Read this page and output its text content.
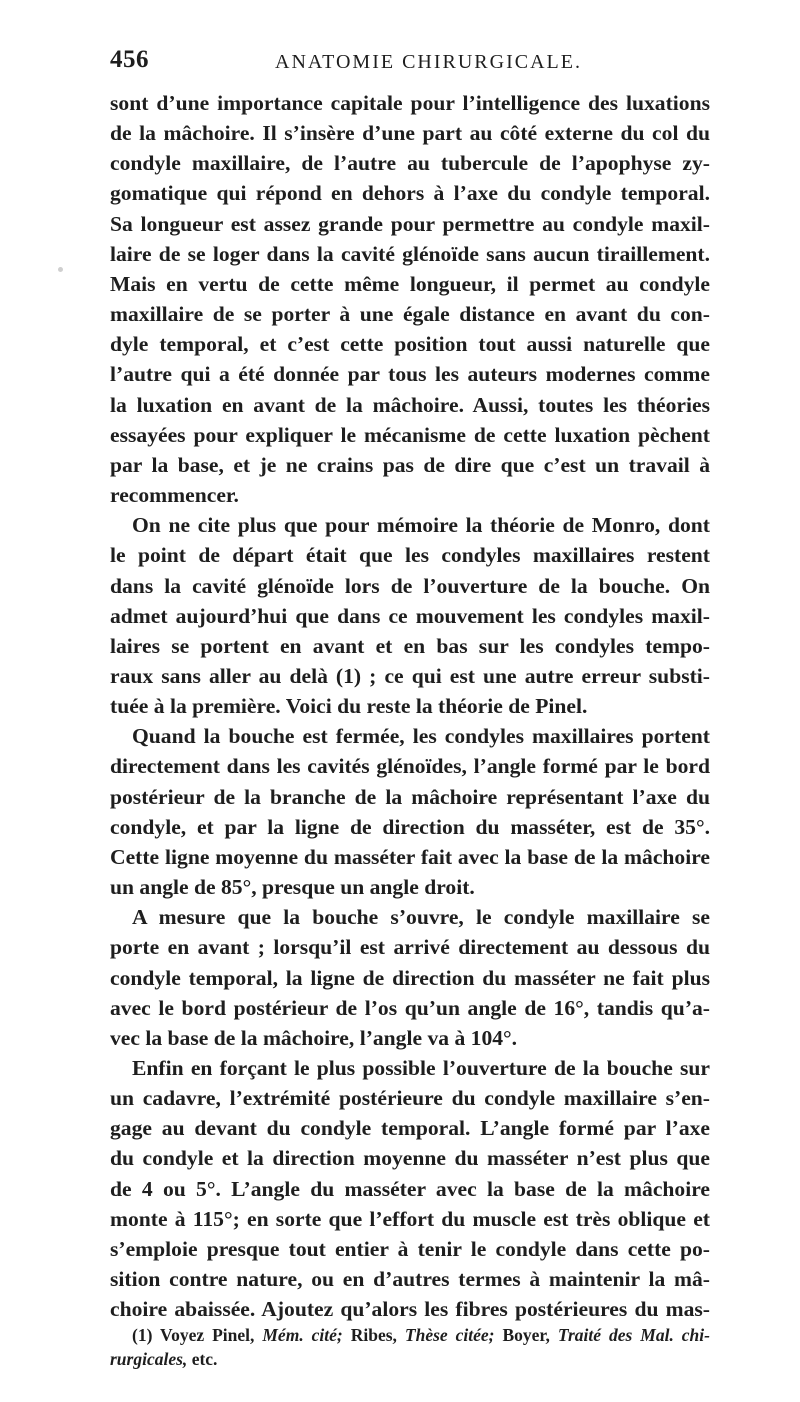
456	ANATOMIE CHIRURGICALE.

sont d’une importance capitale pour l’intelligence des luxations

de la mâchoire. Il s’insère d’une part au côté externe du col du

condyle maxillaire, de l’autre au tubercule de l’apophyse zy-

gomatique qui répond en dehors à l’axe du condyle temporal.

Sa longueur est assez grande pour permettre au condyle maxil-

laire de se loger dans la cavité glénoïde sans aucun tiraillement.

Mais en vertu de cette même longueur, il permet au condyle

maxillaire de se porter à une égale distance en avant du con-

dyle temporal, et c’est cette position tout aussi naturelle que

l’autre qui a été donnée par tous les auteurs modernes comme

la luxation en avant de la mâchoire. Aussi, toutes les théories

essayées pour expliquer le mécanisme de cette luxation pèchent

par la base, et je ne crains pas de dire que c’est un travail à

recommencer.

On ne cite plus que pour mémoire la théorie de Monro, dont

le point de départ était que les condyles maxillaires restent

dans la cavité glénoïde lors de l’ouverture de la bouche. On

admet aujourd’hui que dans ce mouvement les condyles maxil-

laires se portent en avant et en bas sur les condyles tempo-

raux sans aller au delà (1) ; ce qui est une autre erreur substi-

tuée à la première. Voici du reste la théorie de Pinel.

Quand la bouche est fermée, les condyles maxillaires portent

directement dans les cavités glénoïdes, l’angle formé par le bord

postérieur de la branche de la mâchoire représentant l’axe du

condyle, et par la ligne de direction du masséter, est de 35°.

Cette ligne moyenne du masséter fait avec la base de la mâchoire

un angle de 85°, presque un angle droit.

A mesure que la bouche s’ouvre, le condyle maxillaire se

porte en avant ; lorsqu’il est arrivé directement au dessous du

condyle temporal, la ligne de direction du masséter ne fait plus

avec le bord postérieur de l’os qu’un angle de 16°, tandis qu’a-

vec la base de la mâchoire, l’angle va à 104°.

Enfin en forçant le plus possible l’ouverture de la bouche sur

un cadavre, l’extrémité postérieure du condyle maxillaire s’en-

gage au devant du condyle temporal. L’angle formé par l’axe

du condyle et la direction moyenne du masséter n’est plus que

de 4 ou 5°. L’angle du masséter avec la base de la mâchoire

monte à 115°; en sorte que l’effort du muscle est très oblique et

s’emploie presque tout entier à tenir le condyle dans cette po-

sition contre nature, ou en d’autres termes à maintenir la mâ-

choire abaissée. Ajoutez qu’alors les fibres postérieures du mas-

(1) Voyez Pinel, Mém. cité; Ribes, Thèse citée; Boyer, Traité des Mal. chi-

rurgicales, etc.
